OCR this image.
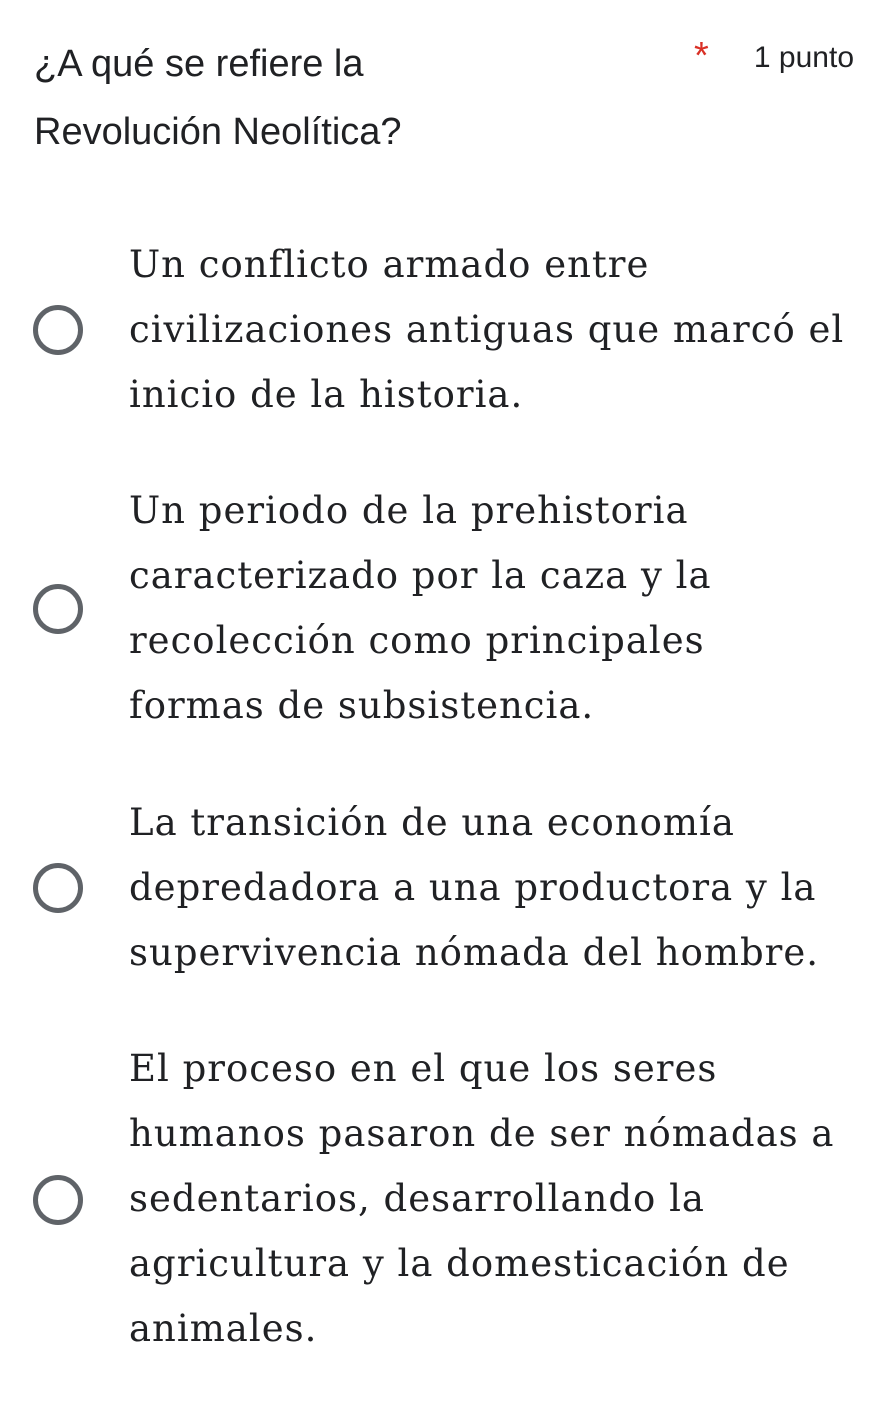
¿A qué se refiere la Revolución Neolítica?
* 1 punto
Un conflicto armado entre civilizaciones antiguas que marcó el inicio de la historia.
Un periodo de la prehistoria caracterizado por la caza y la recolección como principales formas de subsistencia.
La transición de una economía depredadora a una productora y la supervivencia nómada del hombre.
El proceso en el que los seres humanos pasaron de ser nómadas a sedentarios, desarrollando la agricultura y la domesticación de animales.
